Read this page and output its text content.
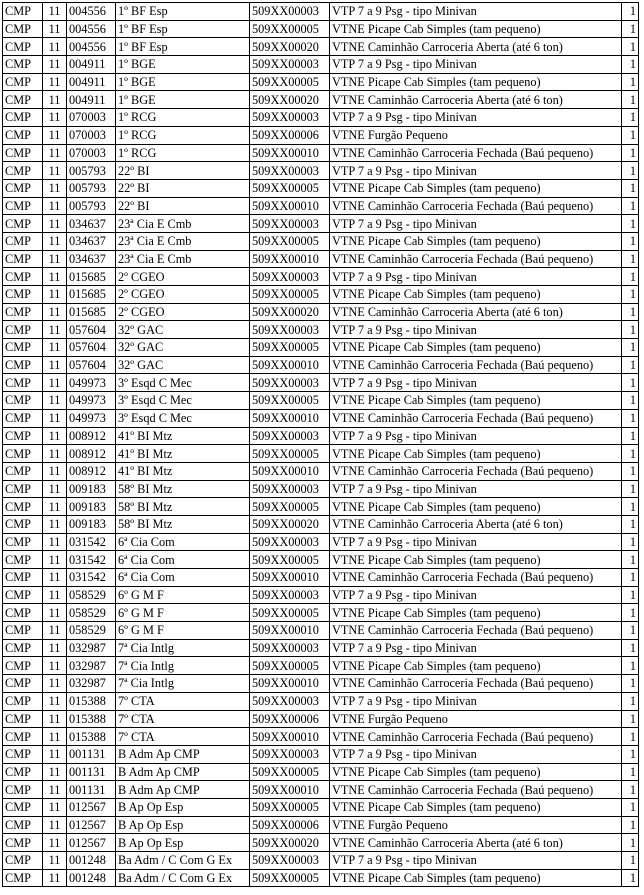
CMP	11	004556	1º BF Esp	509XX00003	VTP 7 a 9 Psg - tipo Minivan	1
CMP	11	004556	1º BF Esp	509XX00005	VTNE Picape Cab Simples (tam pequeno)	1
CMP	11	004556	1º BF Esp	509XX00020	VTNE Caminhão Carroceria Aberta (até 6 ton)	1
CMP	11	004911	1º BGE	509XX00003	VTP 7 a 9 Psg - tipo Minivan	1
CMP	11	004911	1º BGE	509XX00005	VTNE Picape Cab Simples (tam pequeno)	1
CMP	11	004911	1º BGE	509XX00020	VTNE Caminhão Carroceria Aberta (até 6 ton)	1
CMP	11	070003	1º RCG	509XX00003	VTP 7 a 9 Psg - tipo Minivan	1
CMP	11	070003	1º RCG	509XX00006	VTNE Furgão Pequeno	1
CMP	11	070003	1º RCG	509XX00010	VTNE Caminhão Carroceria Fechada (Baú pequeno)	1
CMP	11	005793	22º BI	509XX00003	VTP 7 a 9 Psg - tipo Minivan	1
CMP	11	005793	22º BI	509XX00005	VTNE Picape Cab Simples (tam pequeno)	1
CMP	11	005793	22º BI	509XX00010	VTNE Caminhão Carroceria Fechada (Baú pequeno)	1
CMP	11	034637	23ª Cia E Cmb	509XX00003	VTP 7 a 9 Psg - tipo Minivan	1
CMP	11	034637	23ª Cia E Cmb	509XX00005	VTNE Picape Cab Simples (tam pequeno)	1
CMP	11	034637	23ª Cia E Cmb	509XX00010	VTNE Caminhão Carroceria Fechada (Baú pequeno)	1
CMP	11	015685	2º CGEO	509XX00003	VTP 7 a 9 Psg - tipo Minivan	1
CMP	11	015685	2º CGEO	509XX00005	VTNE Picape Cab Simples (tam pequeno)	1
CMP	11	015685	2º CGEO	509XX00020	VTNE Caminhão Carroceria Aberta (até 6 ton)	1
CMP	11	057604	32º GAC	509XX00003	VTP 7 a 9 Psg - tipo Minivan	1
CMP	11	057604	32º GAC	509XX00005	VTNE Picape Cab Simples (tam pequeno)	1
CMP	11	057604	32º GAC	509XX00010	VTNE Caminhão Carroceria Fechada (Baú pequeno)	1
CMP	11	049973	3º Esqd C Mec	509XX00003	VTP 7 a 9 Psg - tipo Minivan	1
CMP	11	049973	3º Esqd C Mec	509XX00005	VTNE Picape Cab Simples (tam pequeno)	1
CMP	11	049973	3º Esqd C Mec	509XX00010	VTNE Caminhão Carroceria Fechada (Baú pequeno)	1
CMP	11	008912	41º BI Mtz	509XX00003	VTP 7 a 9 Psg - tipo Minivan	1
CMP	11	008912	41º BI Mtz	509XX00005	VTNE Picape Cab Simples (tam pequeno)	1
CMP	11	008912	41º BI Mtz	509XX00010	VTNE Caminhão Carroceria Fechada (Baú pequeno)	1
CMP	11	009183	58º BI Mtz	509XX00003	VTP 7 a 9 Psg - tipo Minivan	1
CMP	11	009183	58º BI Mtz	509XX00005	VTNE Picape Cab Simples (tam pequeno)	1
CMP	11	009183	58º BI Mtz	509XX00020	VTNE Caminhão Carroceria Aberta (até 6 ton)	1
CMP	11	031542	6ª Cia Com	509XX00003	VTP 7 a 9 Psg - tipo Minivan	1
CMP	11	031542	6ª Cia Com	509XX00005	VTNE Picape Cab Simples (tam pequeno)	1
CMP	11	031542	6ª Cia Com	509XX00010	VTNE Caminhão Carroceria Fechada (Baú pequeno)	1
CMP	11	058529	6º G M F	509XX00003	VTP 7 a 9 Psg - tipo Minivan	1
CMP	11	058529	6º G M F	509XX00005	VTNE Picape Cab Simples (tam pequeno)	1
CMP	11	058529	6º G M F	509XX00010	VTNE Caminhão Carroceria Fechada (Baú pequeno)	1
CMP	11	032987	7ª Cia Intlg	509XX00003	VTP 7 a 9 Psg - tipo Minivan	1
CMP	11	032987	7ª Cia Intlg	509XX00005	VTNE Picape Cab Simples (tam pequeno)	1
CMP	11	032987	7ª Cia Intlg	509XX00010	VTNE Caminhão Carroceria Fechada (Baú pequeno)	1
CMP	11	015388	7º CTA	509XX00003	VTP 7 a 9 Psg - tipo Minivan	1
CMP	11	015388	7º CTA	509XX00006	VTNE Furgão Pequeno	1
CMP	11	015388	7º CTA	509XX00010	VTNE Caminhão Carroceria Fechada (Baú pequeno)	1
CMP	11	001131	B Adm Ap CMP	509XX00003	VTP 7 a 9 Psg - tipo Minivan	1
CMP	11	001131	B Adm Ap CMP	509XX00005	VTNE Picape Cab Simples (tam pequeno)	1
CMP	11	001131	B Adm Ap CMP	509XX00010	VTNE Caminhão Carroceria Fechada (Baú pequeno)	1
CMP	11	012567	B Ap Op Esp	509XX00005	VTNE Picape Cab Simples (tam pequeno)	1
CMP	11	012567	B Ap Op Esp	509XX00006	VTNE Furgão Pequeno	1
CMP	11	012567	B Ap Op Esp	509XX00020	VTNE Caminhão Carroceria Aberta (até 6 ton)	1
CMP	11	001248	Ba Adm / C Com G Ex	509XX00003	VTP 7 a 9 Psg - tipo Minivan	1
CMP	11	001248	Ba Adm / C Com G Ex	509XX00005	VTNE Picape Cab Simples (tam pequeno)	1
